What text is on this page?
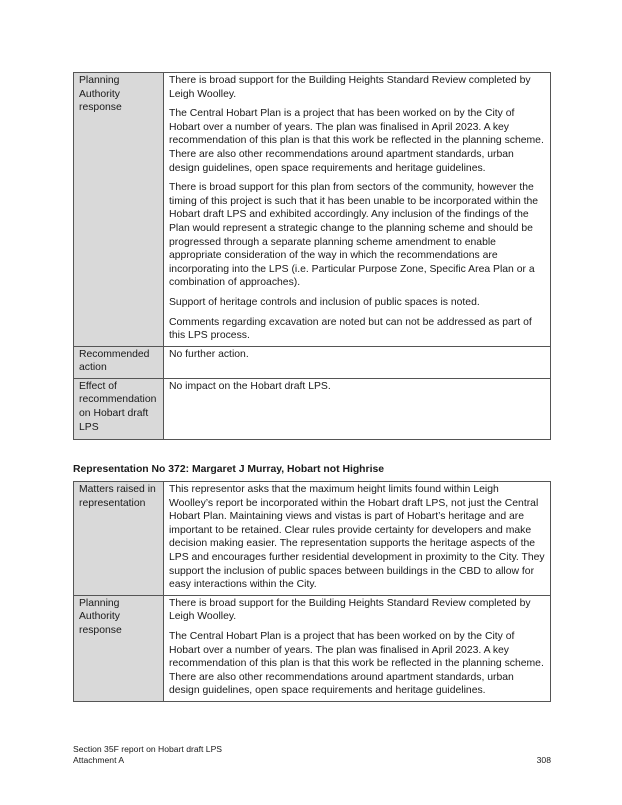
Planning Authority response	There is broad support for the Building Heights Standard Review completed by Leigh Woolley.

The Central Hobart Plan is a project that has been worked on by the City of Hobart over a number of years. The plan was finalised in April 2023. A key recommendation of this plan is that this work be reflected in the planning scheme. There are also other recommendations around apartment standards, urban design guidelines, open space requirements and heritage guidelines.

There is broad support for this plan from sectors of the community, however the timing of this project is such that it has been unable to be incorporated within the Hobart draft LPS and exhibited accordingly. Any inclusion of the findings of the Plan would represent a strategic change to the planning scheme and should be progressed through a separate planning scheme amendment to enable appropriate consideration of the way in which the recommendations are incorporating into the LPS (i.e. Particular Purpose Zone, Specific Area Plan or a combination of approaches).

Support of heritage controls and inclusion of public spaces is noted.

Comments regarding excavation are noted but can not be addressed as part of this LPS process.

Recommended action	No further action.

Effect of recommendation on Hobart draft LPS	No impact on the Hobart draft LPS.

Representation No 372: Margaret J Murray, Hobart not Highrise

Matters raised in representation	This representor asks that the maximum height limits found within Leigh Woolley’s report be incorporated within the Hobart draft LPS, not just the Central Hobart Plan. Maintaining views and vistas is part of Hobart’s heritage and are important to be retained. Clear rules provide certainty for developers and make decision making easier. The representation supports the heritage aspects of the LPS and encourages further residential development in proximity to the City. They support the inclusion of public spaces between buildings in the CBD to allow for easy interactions within the City.

Planning Authority response	There is broad support for the Building Heights Standard Review completed by Leigh Woolley.

The Central Hobart Plan is a project that has been worked on by the City of Hobart over a number of years. The plan was finalised in April 2023. A key recommendation of this plan is that this work be reflected in the planning scheme. There are also other recommendations around apartment standards, urban design guidelines, open space requirements and heritage guidelines.

Section 35F report on Hobart draft LPS
Attachment A	308
